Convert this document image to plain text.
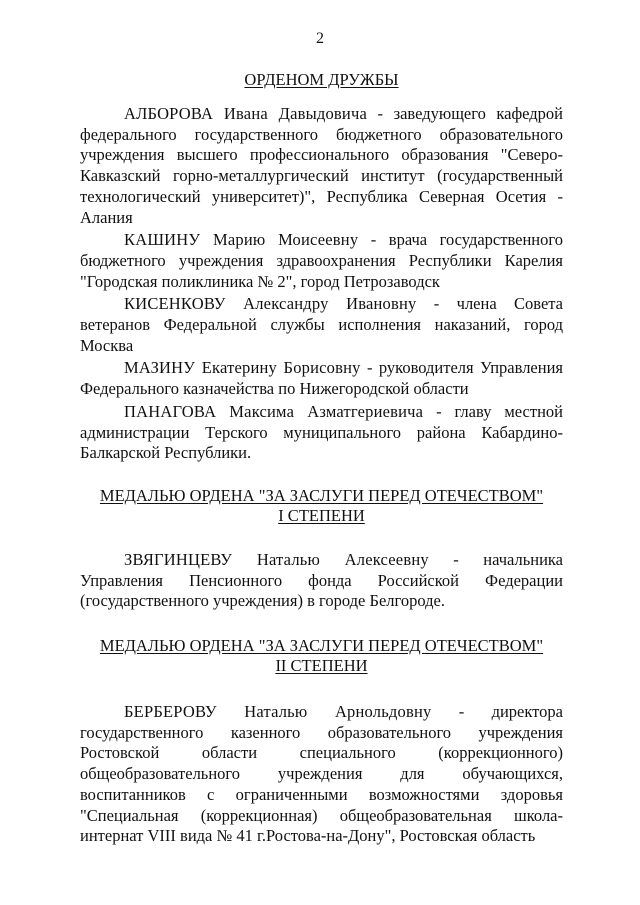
2
ОРДЕНОМ ДРУЖБЫ

АЛБОРОВА Ивана Давыдовича - заведующего кафедрой федерального государственного бюджетного образовательного учреждения высшего профессионального образования "Северо-Кавказский горно-металлургический институт (государственный технологический университет)", Республика Северная Осетия - Алания

КАШИНУ Марию Моисеевну - врача государственного бюджетного учреждения здравоохранения Республики Карелия "Городская поликлиника № 2", город Петрозаводск

КИСЕНКОВУ Александру Ивановну - члена Совета ветеранов Федеральной службы исполнения наказаний, город Москва

МАЗИНУ Екатерину Борисовну - руководителя Управления Федерального казначейства по Нижегородской области

ПАНАГОВА Максима Азматгериевича - главу местной администрации Терского муниципального района Кабардино-Балкарской Республики.

МЕДАЛЬЮ ОРДЕНА "ЗА ЗАСЛУГИ ПЕРЕД ОТЕЧЕСТВОМ"
I СТЕПЕНИ

ЗВЯГИНЦЕВУ Наталью Алексеевну - начальника Управления Пенсионного фонда Российской Федерации (государственного учреждения) в городе Белгороде.

МЕДАЛЬЮ ОРДЕНА "ЗА ЗАСЛУГИ ПЕРЕД ОТЕЧЕСТВОМ"
II СТЕПЕНИ

БЕРБЕРОВУ Наталью Арнольдовну - директора государственного казенного образовательного учреждения Ростовской области специального (коррекционного) общеобразовательного учреждения для обучающихся, воспитанников с ограниченными возможностями здоровья "Специальная (коррекционная) общеобразовательная школа-интернат VIII вида № 41 г.Ростова-на-Дону", Ростовская область
